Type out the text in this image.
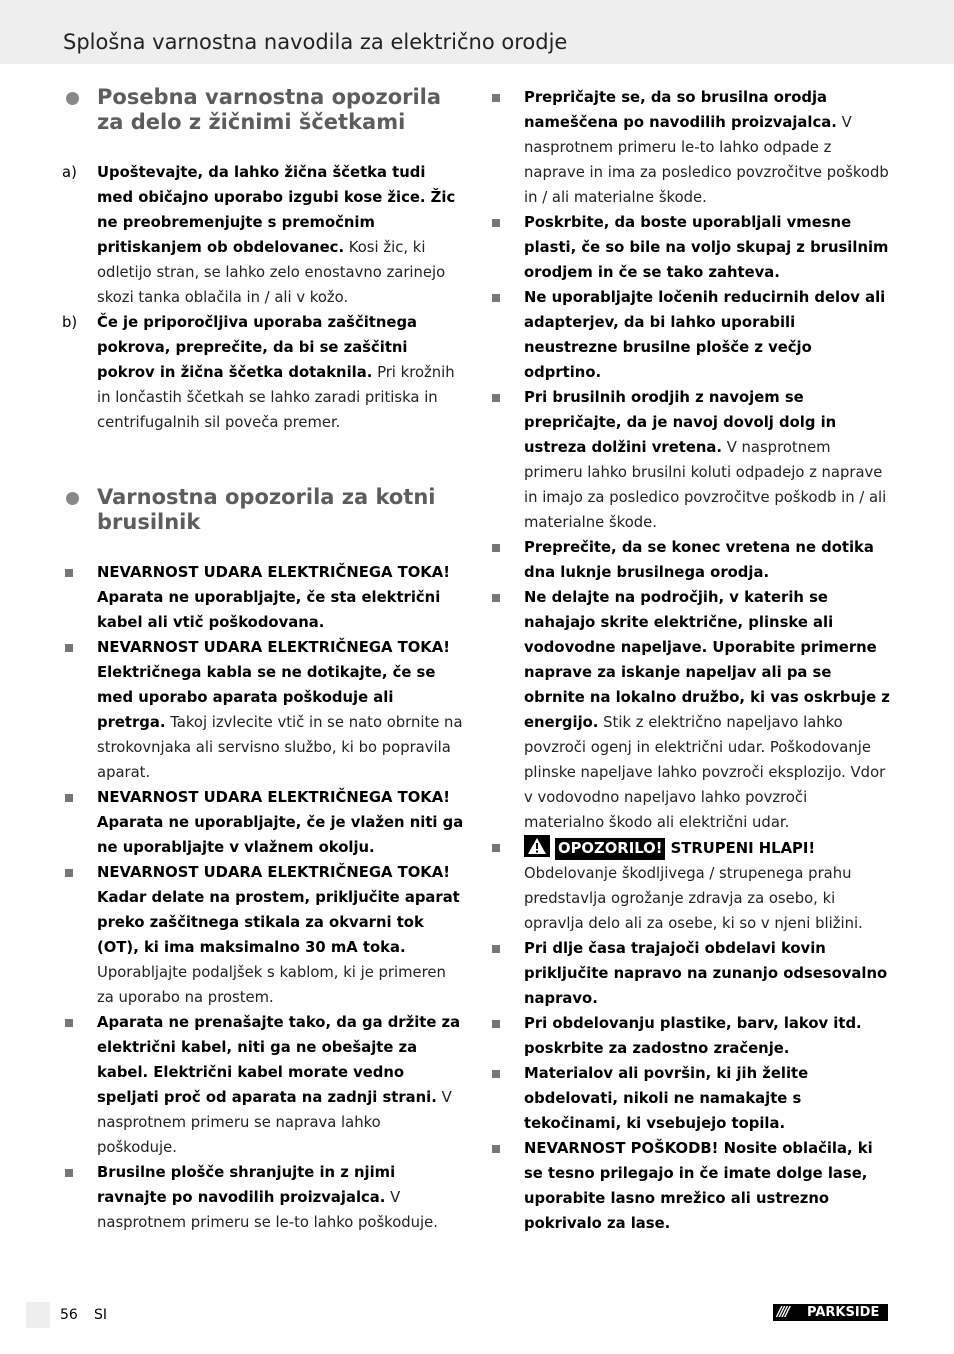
Splošna varnostna navodila za električno orodje
Posebna varnostna opozorila za delo z žičnimi ščetkami
a)	Upoštevajte, da lahko žična ščetka tudi med običajno uporabo izgubi kose žice. Žic ne preobremenjujte s premočnim pritiskanjem ob obdelovanec. Kosi žic, ki odletijo stran, se lahko zelo enostavno zarinejo skozi tanka oblačila in / ali v kožo.
b)	Če je priporočljiva uporaba zaščitnega pokrova, preprečite, da bi se zaščitni pokrov in žična ščetka dotaknila. Pri krožnih in lončastih ščetkah se lahko zaradi pritiska in centrifugalnih sil poveča premer.
Varnostna opozorila za kotni brusilnik
NEVARNOST UDARA ELEKTRIČNEGA TOKA! Aparata ne uporabljajte, če sta električni kabel ali vtič poškodovana.
NEVARNOST UDARA ELEKTRIČNEGA TOKA! Električnega kabla se ne dotikajte, če se med uporabo aparata poškoduje ali pretrga. Takoj izvlecite vtič in se nato obrnite na strokovnjaka ali servisno službo, ki bo popravila aparat.
NEVARNOST UDARA ELEKTRIČNEGA TOKA! Aparata ne uporabljajte, če je vlažen niti ga ne uporabljajte v vlažnem okolju.
NEVARNOST UDARA ELEKTRIČNEGA TOKA! Kadar delate na prostem, priključite aparat preko zaščitnega stikala za okvarni tok (OT), ki ima maksimalno 30 mA toka. Uporabljajte podaljšek s kablom, ki je primeren za uporabo na prostem.
Aparata ne prenašajte tako, da ga držite za električni kabel, niti ga ne obešajte za kabel. Električni kabel morate vedno speljati proč od aparata na zadnji strani. V nasprotnem primeru se naprava lahko poškoduje.
Brusilne plošče shranjujte in z njimi ravnajte po navodilih proizvajalca. V nasprotnem primeru se le-to lahko poškoduje.
Prepričajte se, da so brusilna orodja nameščena po navodilih proizvajalca. V nasprotnem primeru le-to lahko odpade z naprave in ima za posledico povzročitve poškodb in / ali materialne škode.
Poskrbite, da boste uporabljali vmesne plasti, če so bile na voljo skupaj z brusilnim orodjem in če se tako zahteva.
Ne uporabljajte ločenih reducirnih delov ali adapterjev, da bi lahko uporabili neustrezne brusilne plošče z večjo odprtino.
Pri brusilnih orodjih z navojem se prepričajte, da je navoj dovolj dolg in ustreza dolžini vretena. V nasprotnem primeru lahko brusilni koluti odpadejo z naprave in imajo za posledico povzročitve poškodb in / ali materialne škode.
Preprečite, da se konec vretena ne dotika dna luknje brusilnega orodja.
Ne delajte na področjih, v katerih se nahajajo skrite električne, plinske ali vodovodne napeljave. Uporabite primerne naprave za iskanje napeljav ali pa se obrnite na lokalno družbo, ki vas oskrbuje z energijo. Stik z električno napeljavo lahko povzroči ogenj in električni udar. Poškodovanje plinske napeljave lahko povzroči eksplozijo. Vdor v vodovodno napeljavo lahko povzroči materialno škodo ali električni udar.
OPOZORILO! STRUPENI HLAPI!
Obdelovanje škodljivega / strupenega prahu predstavlja ogrožanje zdravja za osebo, ki opravlja delo ali za osebe, ki so v njeni bližini.
Pri dlje časa trajajoči obdelavi kovin priključite napravo na zunanjo odsesovalno napravo.
Pri obdelovanju plastike, barv, lakov itd. poskrbite za zadostno zračenje.
Materialov ali površin, ki jih želite obdelovati, nikoli ne namakajte s tekočinami, ki vsebujejo topila.
NEVARNOST POŠKODB! Nosite oblačila, ki se tesno prilegajo in če imate dolge lase, uporabite lasno mrežico ali ustrezno pokrivalo za lase.
56 SI	//// PARKSIDE
